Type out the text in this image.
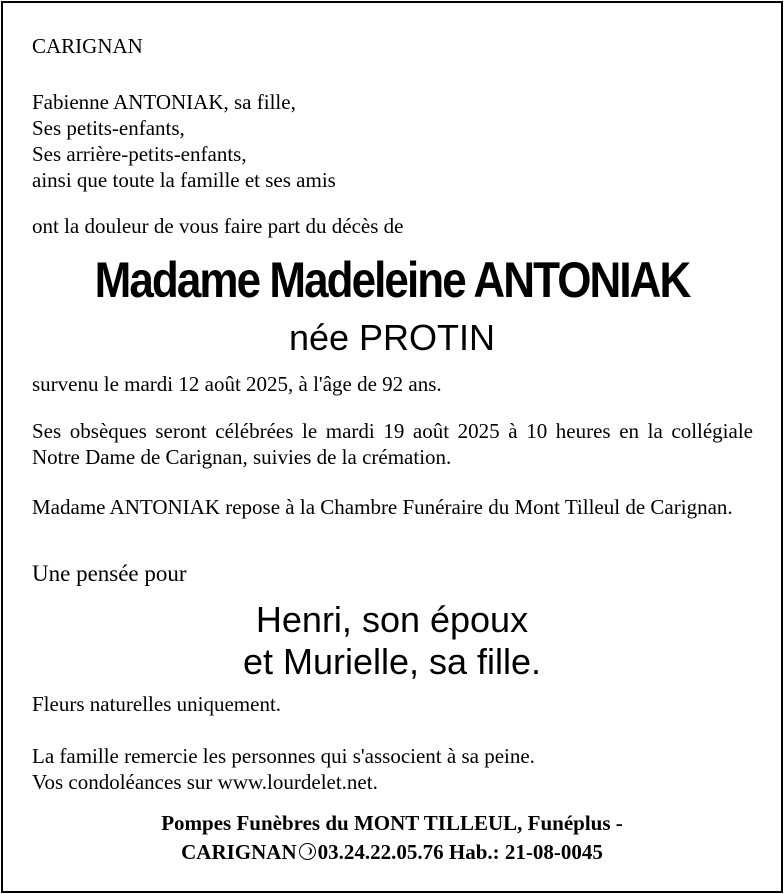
CARIGNAN
Fabienne ANTONIAK, sa fille,
Ses petits-enfants,
Ses arrière-petits-enfants,
ainsi que toute la famille et ses amis
ont la douleur de vous faire part du décès de
Madame Madeleine ANTONIAK
née PROTIN
survenu le mardi 12 août 2025, à l'âge de 92 ans.
Ses obsèques seront célébrées le mardi 19 août 2025 à 10 heures en la collégiale Notre Dame de Carignan, suivies de la crémation.
Madame ANTONIAK repose à la Chambre Funéraire du Mont Tilleul de Carignan.
Une pensée pour
Henri, son époux
et Murielle, sa fille.
Fleurs naturelles uniquement.
La famille remercie les personnes qui s'associent à sa peine.
Vos condoléances sur www.lourdelet.net.
Pompes Funèbres du MONT TILLEUL, Funéplus -
CARIGNAN 03.24.22.05.76 Hab.: 21-08-0045
